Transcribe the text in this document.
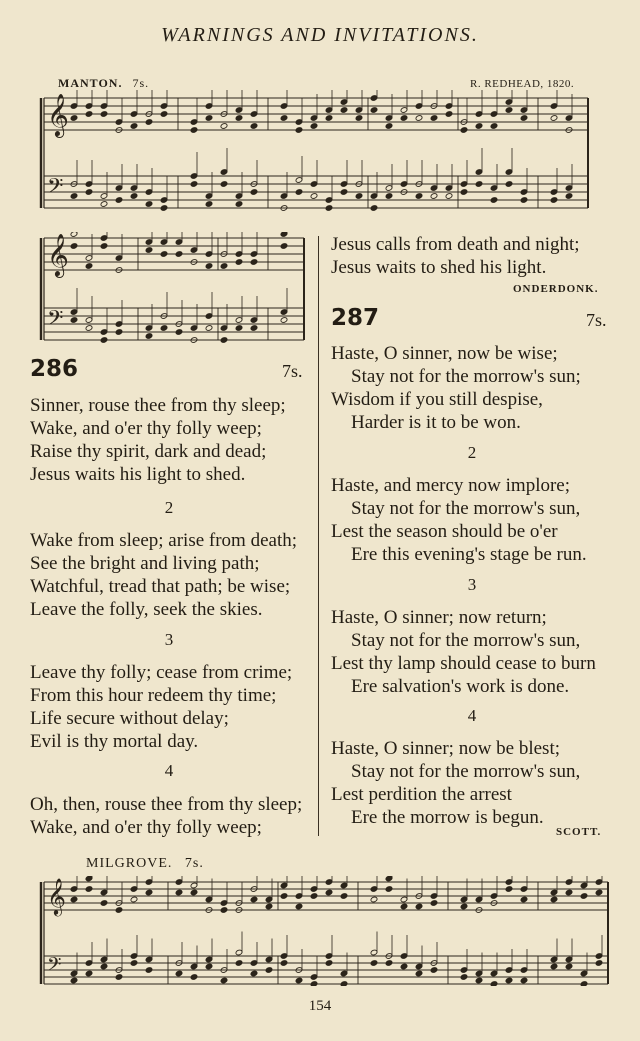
WARNINGS AND INVITATIONS.
MANTON. 7s.	R. REDHEAD, 1820.
𝄞
𝄢
𝄞
𝄢
𝄞
𝄢
286	7s.
Sinner, rouse thee from thy sleep;
Wake, and o'er thy folly weep;
Raise thy spirit, dark and dead;
Jesus waits his light to shed.
2
Wake from sleep; arise from death;
See the bright and living path;
Watchful, tread that path; be wise;
Leave the folly, seek the skies.
3
Leave thy folly; cease from crime;
From this hour redeem thy time;
Life secure without delay;
Evil is thy mortal day.
4
Oh, then, rouse thee from thy sleep;
Wake, and o'er thy folly weep;
Jesus calls from death and night;
Jesus waits to shed his light.
ONDERDONK.
287	7s.
Haste, O sinner, now be wise;
Stay not for the morrow's sun;
Wisdom if you still despise,
Harder is it to be won.
2
Haste, and mercy now implore;
Stay not for the morrow's sun,
Lest the season should be o'er
Ere this evening's stage be run.
3
Haste, O sinner; now return;
Stay not for the morrow's sun,
Lest thy lamp should cease to burn
Ere salvation's work is done.
4
Haste, O sinner; now be blest;
Stay not for the morrow's sun,
Lest perdition the arrest
Ere the morrow is begun.
SCOTT.
MILGROVE. 7s.
154
